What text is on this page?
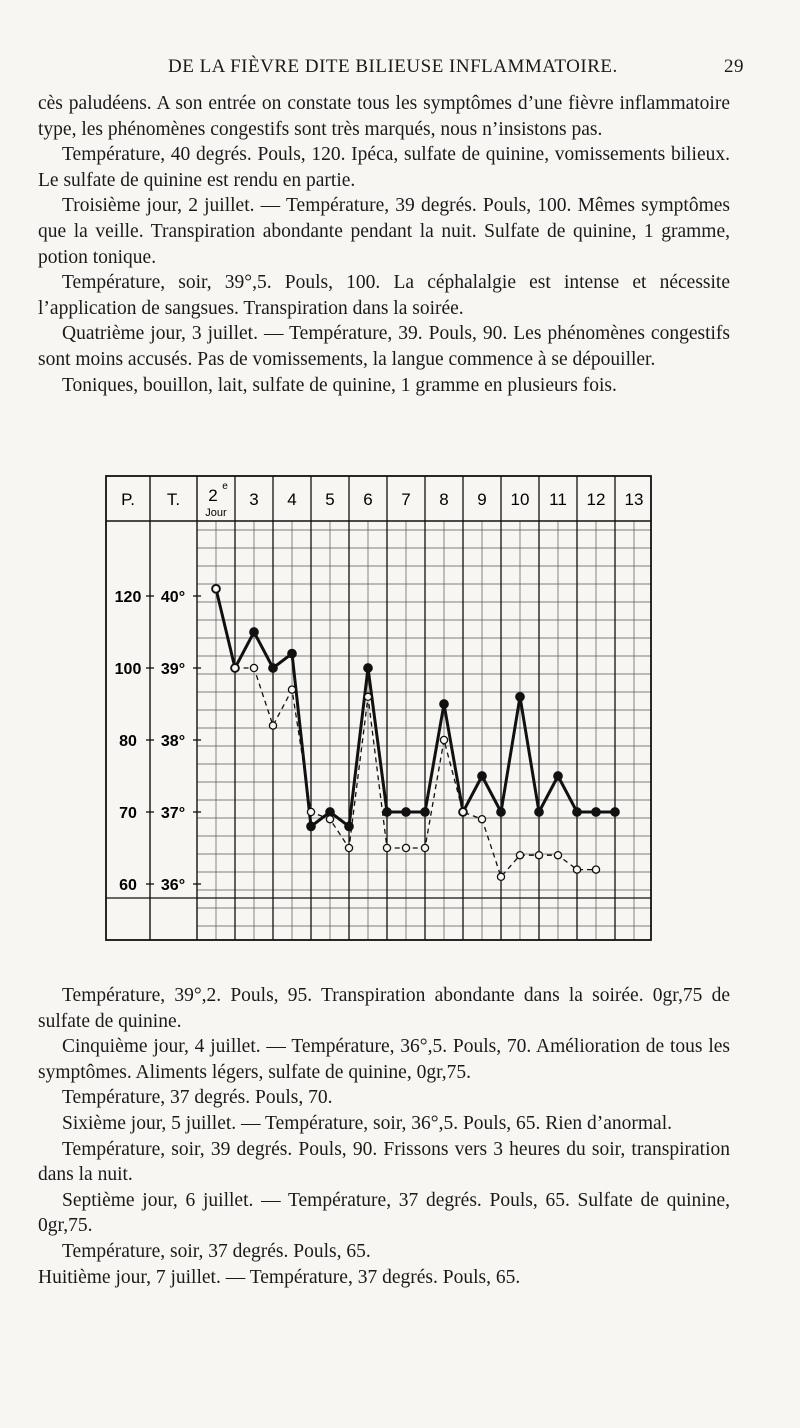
DE LA FIÈVRE DITE BILIEUSE INFLAMMATOIRE.	29

cès paludéens. A son entrée on constate tous les symptômes d’une fièvre inflammatoire type, les phénomènes congestifs sont très marqués, nous n’insistons pas.

Température, 40 degrés. Pouls, 120. Ipéca, sulfate de quinine, vomissements bilieux. Le sulfate de quinine est rendu en partie.

Troisième jour, 2 juillet. — Température, 39 degrés. Pouls, 100. Mêmes symptômes que la veille. Transpiration abondante pendant la nuit. Sulfate de quinine, 1 gramme, potion tonique.

Température, soir, 39°,5. Pouls, 100. La céphalalgie est intense et nécessite l’application de sangsues. Transpiration dans la soirée.

Quatrième jour, 3 juillet. — Température, 39. Pouls, 90. Les phénomènes congestifs sont moins accusés. Pas de vomissements, la langue commence à se dépouiller.

Toniques, bouillon, lait, sulfate de quinine, 1 gramme en plusieurs fois.

P. T. 2 e
Jour
3 4 5 6 7 8 9 10 11 12 13
120
100
80
70
60
40°
39°
38°
37°
36°

Température, 39°,2. Pouls, 95. Transpiration abondante dans la soirée. 0gr,75 de sulfate de quinine.

Cinquième jour, 4 juillet. — Température, 36°,5. Pouls, 70. Amélioration de tous les symptômes. Aliments légers, sulfate de quinine, 0gr,75.

Température, 37 degrés. Pouls, 70.

Sixième jour, 5 juillet. — Température, soir, 36°,5. Pouls, 65. Rien d’anormal.

Température, soir, 39 degrés. Pouls, 90. Frissons vers 3 heures du soir, transpiration dans la nuit.

Septième jour, 6 juillet. — Température, 37 degrés. Pouls, 65. Sulfate de quinine, 0gr,75.

Température, soir, 37 degrés. Pouls, 65.

Huitième jour, 7 juillet. — Température, 37 degrés. Pouls, 65.
